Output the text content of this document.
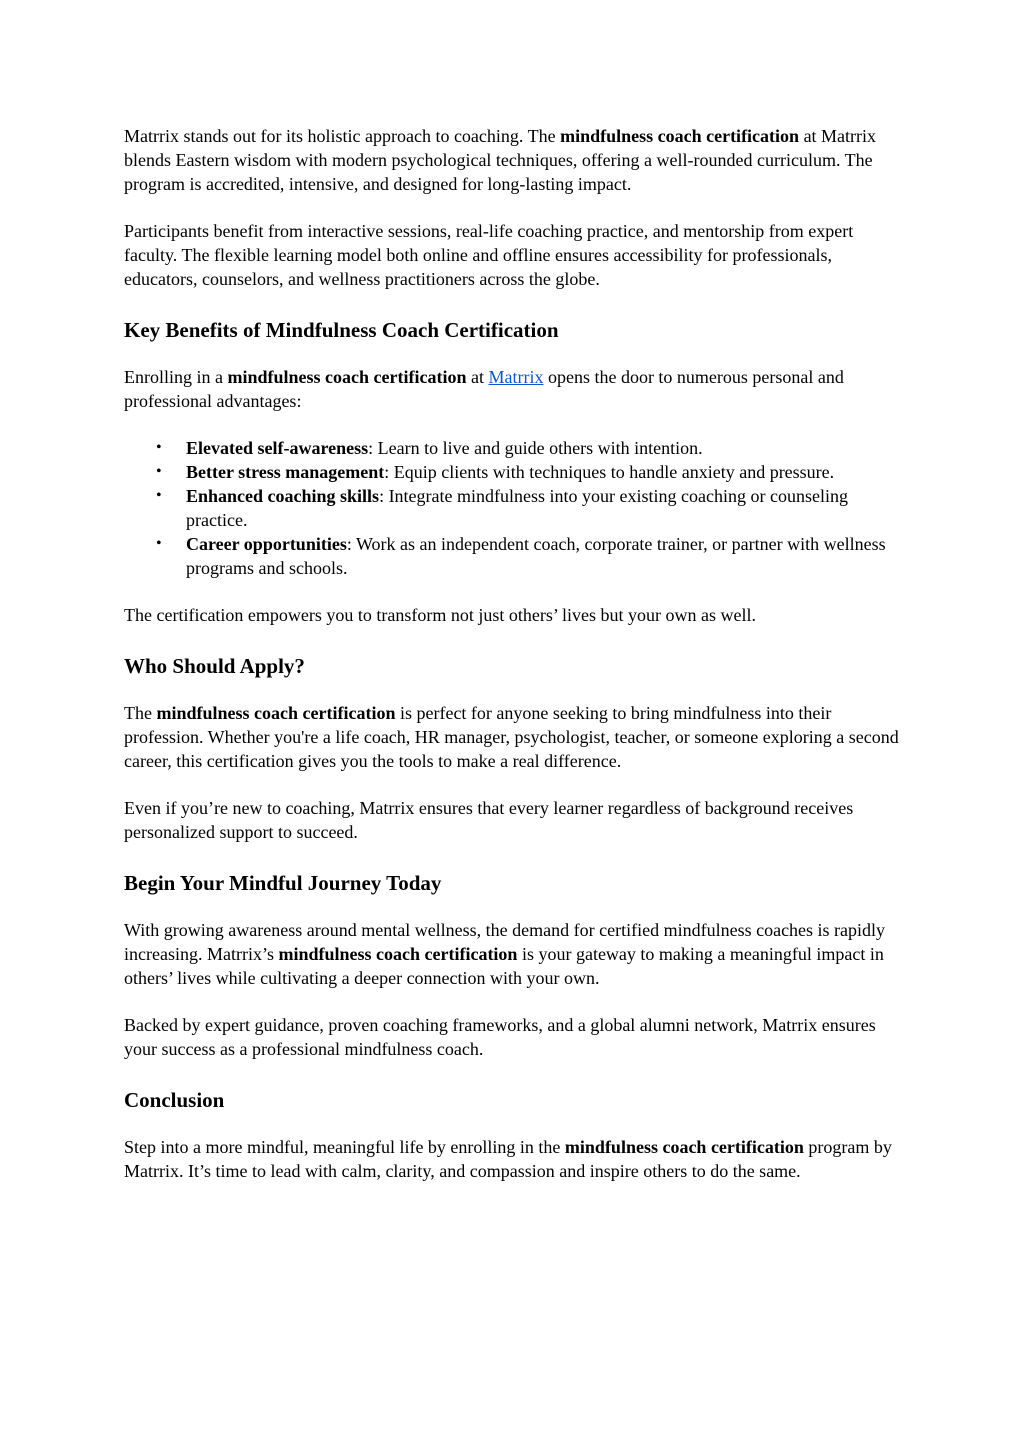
Matrrix stands out for its holistic approach to coaching. The mindfulness coach certification at Matrrix blends Eastern wisdom with modern psychological techniques, offering a well-rounded curriculum. The program is accredited, intensive, and designed for long-lasting impact.

Participants benefit from interactive sessions, real-life coaching practice, and mentorship from expert faculty. The flexible learning model both online and offline ensures accessibility for professionals, educators, counselors, and wellness practitioners across the globe.

Key Benefits of Mindfulness Coach Certification

Enrolling in a mindfulness coach certification at Matrrix opens the door to numerous personal and professional advantages:

• Elevated self-awareness: Learn to live and guide others with intention.
• Better stress management: Equip clients with techniques to handle anxiety and pressure.
• Enhanced coaching skills: Integrate mindfulness into your existing coaching or counseling practice.
• Career opportunities: Work as an independent coach, corporate trainer, or partner with wellness programs and schools.

The certification empowers you to transform not just others’ lives but your own as well.

Who Should Apply?

The mindfulness coach certification is perfect for anyone seeking to bring mindfulness into their profession. Whether you're a life coach, HR manager, psychologist, teacher, or someone exploring a second career, this certification gives you the tools to make a real difference.

Even if you’re new to coaching, Matrrix ensures that every learner regardless of background receives personalized support to succeed.

Begin Your Mindful Journey Today

With growing awareness around mental wellness, the demand for certified mindfulness coaches is rapidly increasing. Matrrix’s mindfulness coach certification is your gateway to making a meaningful impact in others’ lives while cultivating a deeper connection with your own.

Backed by expert guidance, proven coaching frameworks, and a global alumni network, Matrrix ensures your success as a professional mindfulness coach.

Conclusion

Step into a more mindful, meaningful life by enrolling in the mindfulness coach certification program by Matrrix. It’s time to lead with calm, clarity, and compassion and inspire others to do the same.
